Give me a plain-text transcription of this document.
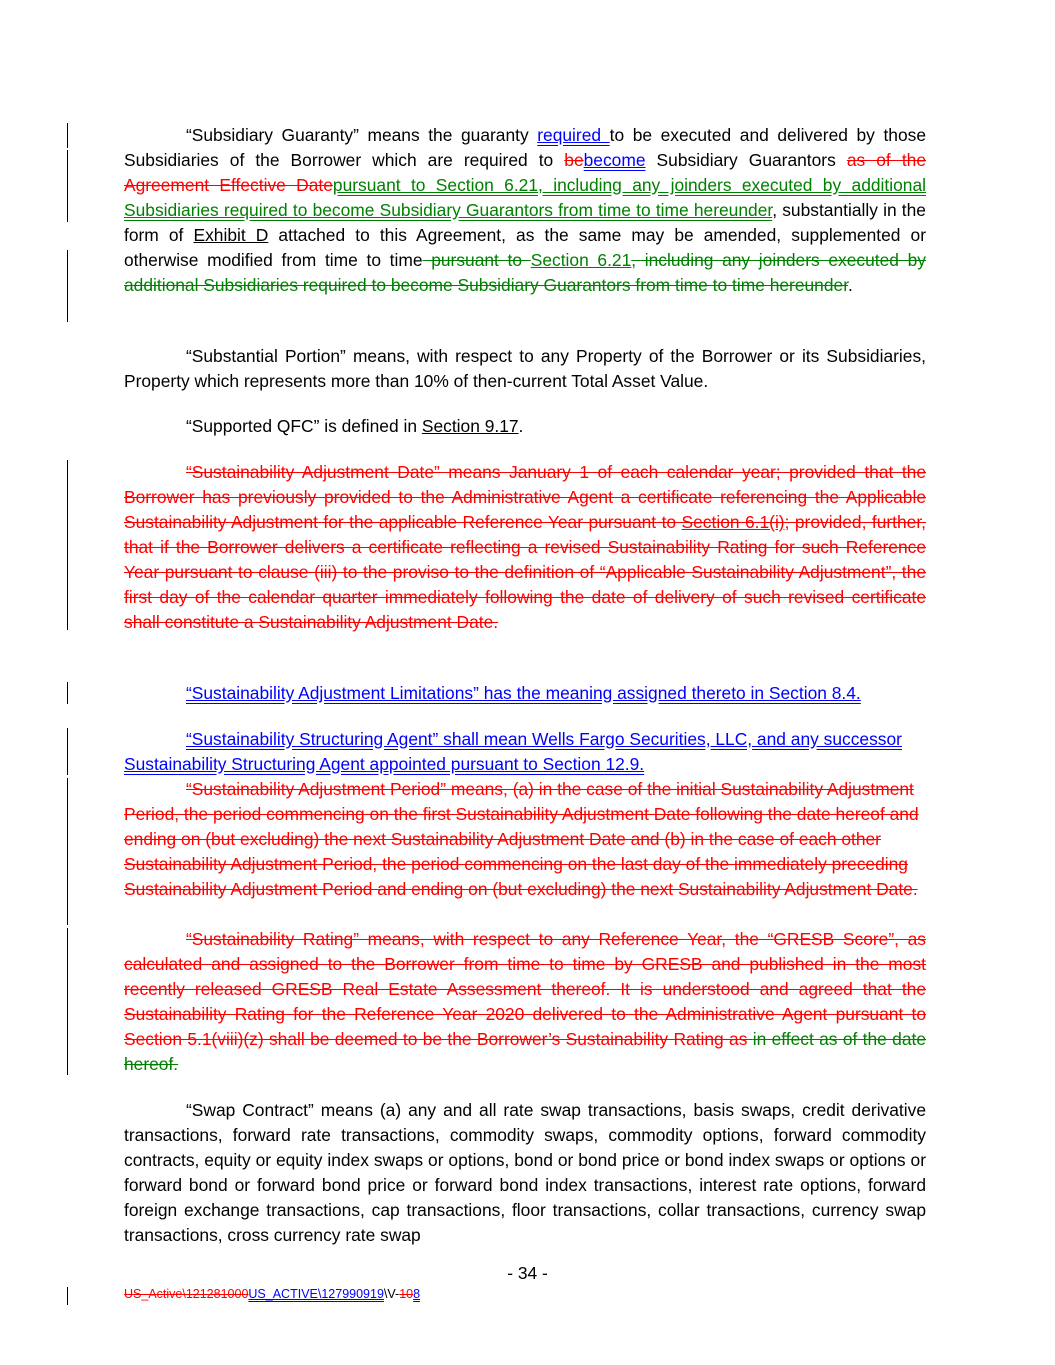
“Subsidiary Guaranty” means the guaranty required to be executed and delivered by those Subsidiaries of the Borrower which are required to bebecome Subsidiary Guarantors as of the Agreement Effective Datepursuant to Section 6.21, including any joinders executed by additional Subsidiaries required to become Subsidiary Guarantors from time to time hereunder, substantially in the form of Exhibit D attached to this Agreement, as the same may be amended, supplemented or otherwise modified from time to time pursuant to Section 6.21, including any joinders executed by additional Subsidiaries required to become Subsidiary Guarantors from time to time hereunder.

“Substantial Portion” means, with respect to any Property of the Borrower or its Subsidiaries, Property which represents more than 10% of then-current Total Asset Value.

“Supported QFC” is defined in Section 9.17.

“Sustainability Adjustment Date” means January 1 of each calendar year; provided that the Borrower has previously provided to the Administrative Agent a certificate referencing the Applicable Sustainability Adjustment for the applicable Reference Year pursuant to Section 6.1(i); provided, further, that if the Borrower delivers a certificate reflecting a revised Sustainability Rating for such Reference Year pursuant to clause (iii) to the proviso to the definition of “Applicable Sustainability Adjustment”, the first day of the calendar quarter immediately following the date of delivery of such revised certificate shall constitute a Sustainability Adjustment Date.

“Sustainability Adjustment Limitations” has the meaning assigned thereto in Section 8.4.

“Sustainability Structuring Agent” shall mean Wells Fargo Securities, LLC, and any successor Sustainability Structuring Agent appointed pursuant to Section 12.9.

“Sustainability Adjustment Period” means, (a) in the case of the initial Sustainability Adjustment Period, the period commencing on the first Sustainability Adjustment Date following the date hereof and ending on (but excluding) the next Sustainability Adjustment Date and (b) in the case of each other Sustainability Adjustment Period, the period commencing on the last day of the immediately preceding Sustainability Adjustment Period and ending on (but excluding) the next Sustainability Adjustment Date.

“Sustainability Rating” means, with respect to any Reference Year, the “GRESB Score”, as calculated and assigned to the Borrower from time to time by GRESB and published in the most recently released GRESB Real Estate Assessment thereof. It is understood and agreed that the Sustainability Rating for the Reference Year 2020 delivered to the Administrative Agent pursuant to Section 5.1(viii)(z) shall be deemed to be the Borrower’s Sustainability Rating as in effect as of the date hereof.

“Swap Contract” means (a) any and all rate swap transactions, basis swaps, credit derivative transactions, forward rate transactions, commodity swaps, commodity options, forward commodity contracts, equity or equity index swaps or options, bond or bond price or bond index swaps or options or forward bond or forward bond price or forward bond index transactions, interest rate options, forward foreign exchange transactions, cap transactions, floor transactions, collar transactions, currency swap transactions, cross currency rate swap

- 34 -
US_Active\121281000US_ACTIVE\127990919\V-108
